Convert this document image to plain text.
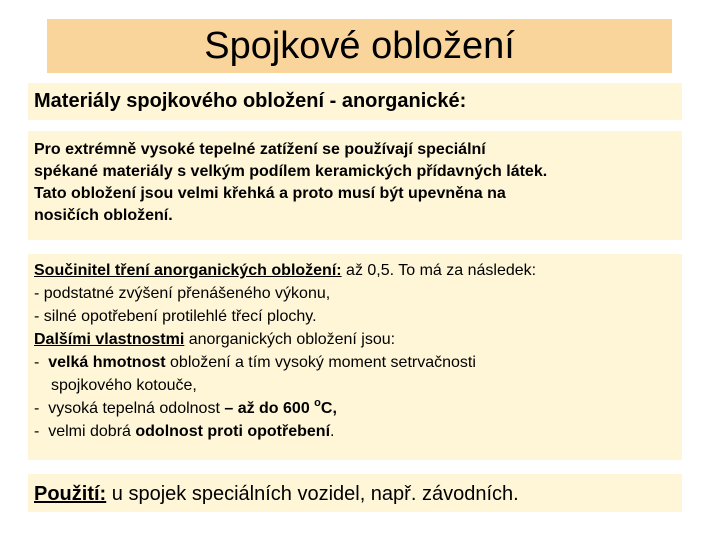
Spojkové obložení

Materiály spojkového obložení - anorganické:

Pro extrémně vysoké tepelné zatížení se používají speciální
spékané materiály s velkým podílem keramických přídavných látek.
Tato obložení jsou velmi křehká a proto musí být upevněna na
nosičích obložení.

Součinitel tření anorganických obložení: až 0,5. To má za následek:
- podstatné zvýšení přenášeného výkonu,
- silné opotřebení protilehlé třecí plochy.
Dalšími vlastnostmi anorganických obložení jsou:
-  velká hmotnost obložení a tím vysoký moment setrvačnosti
spojkového kotouče,
-  vysoká tepelná odolnost – až do 600 $^o$C,
-  velmi dobrá odolnost proti opotřebení.

Použití: u spojek speciálních vozidel, např. závodních.
